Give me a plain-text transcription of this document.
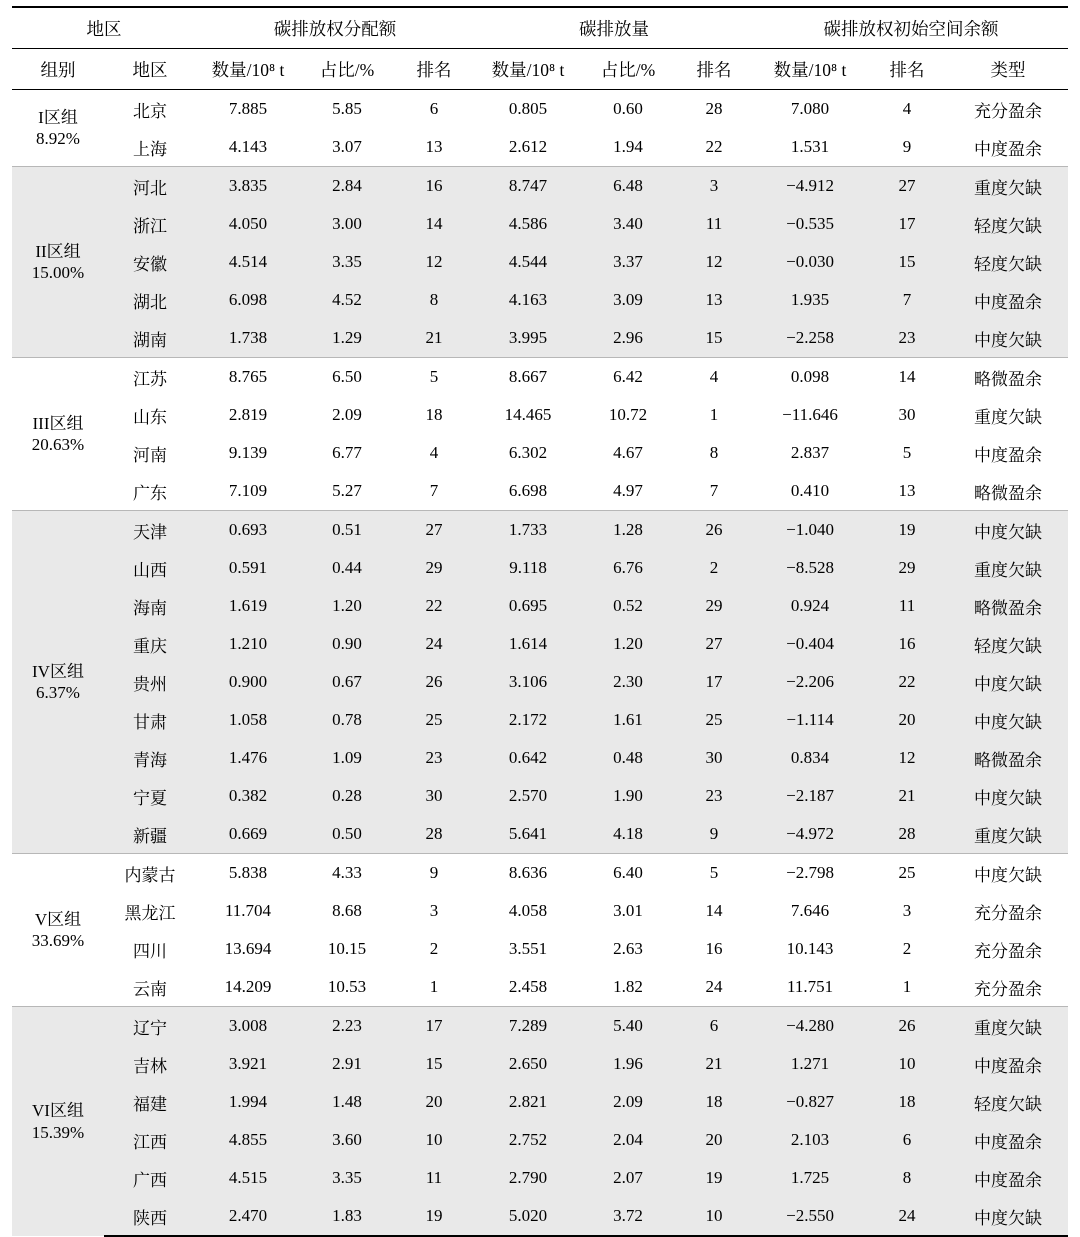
地区		碳排放权分配额			碳排放量			碳排放权初始空间余额		
组别	地区	数量/10⁸ t	占比/%	排名	数量/10⁸ t	占比/%	排名	数量/10⁸ t	排名	类型

I区组
8.92%	北京	7.885	5.85	6	0.805	0.60	28	7.080	4	充分盈余
	上海	4.143	3.07	13	2.612	1.94	22	1.531	9	中度盈余

II区组
15.00%	河北	3.835	2.84	16	8.747	6.48	3	−4.912	27	重度欠缺
	浙江	4.050	3.00	14	4.586	3.40	11	−0.535	17	轻度欠缺
	安徽	4.514	3.35	12	4.544	3.37	12	−0.030	15	轻度欠缺
	湖北	6.098	4.52	8	4.163	3.09	13	1.935	7	中度盈余
	湖南	1.738	1.29	21	3.995	2.96	15	−2.258	23	中度欠缺

III区组
20.63%	江苏	8.765	6.50	5	8.667	6.42	4	0.098	14	略微盈余
	山东	2.819	2.09	18	14.465	10.72	1	−11.646	30	重度欠缺
	河南	9.139	6.77	4	6.302	4.67	8	2.837	5	中度盈余
	广东	7.109	5.27	7	6.698	4.97	7	0.410	13	略微盈余

IV区组
6.37%	天津	0.693	0.51	27	1.733	1.28	26	−1.040	19	中度欠缺
	山西	0.591	0.44	29	9.118	6.76	2	−8.528	29	重度欠缺
	海南	1.619	1.20	22	0.695	0.52	29	0.924	11	略微盈余
	重庆	1.210	0.90	24	1.614	1.20	27	−0.404	16	轻度欠缺
	贵州	0.900	0.67	26	3.106	2.30	17	−2.206	22	中度欠缺
	甘肃	1.058	0.78	25	2.172	1.61	25	−1.114	20	中度欠缺
	青海	1.476	1.09	23	0.642	0.48	30	0.834	12	略微盈余
	宁夏	0.382	0.28	30	2.570	1.90	23	−2.187	21	中度欠缺
	新疆	0.669	0.50	28	5.641	4.18	9	−4.972	28	重度欠缺

V区组
33.69%	内蒙古	5.838	4.33	9	8.636	6.40	5	−2.798	25	中度欠缺
	黑龙江	11.704	8.68	3	4.058	3.01	14	7.646	3	充分盈余
	四川	13.694	10.15	2	3.551	2.63	16	10.143	2	充分盈余
	云南	14.209	10.53	1	2.458	1.82	24	11.751	1	充分盈余

VI区组
15.39%	辽宁	3.008	2.23	17	7.289	5.40	6	−4.280	26	重度欠缺
	吉林	3.921	2.91	15	2.650	1.96	21	1.271	10	中度盈余
	福建	1.994	1.48	20	2.821	2.09	18	−0.827	18	轻度欠缺
	江西	4.855	3.60	10	2.752	2.04	20	2.103	6	中度盈余
	广西	4.515	3.35	11	2.790	2.07	19	1.725	8	中度盈余
	陕西	2.470	1.83	19	5.020	3.72	10	−2.550	24	中度欠缺
